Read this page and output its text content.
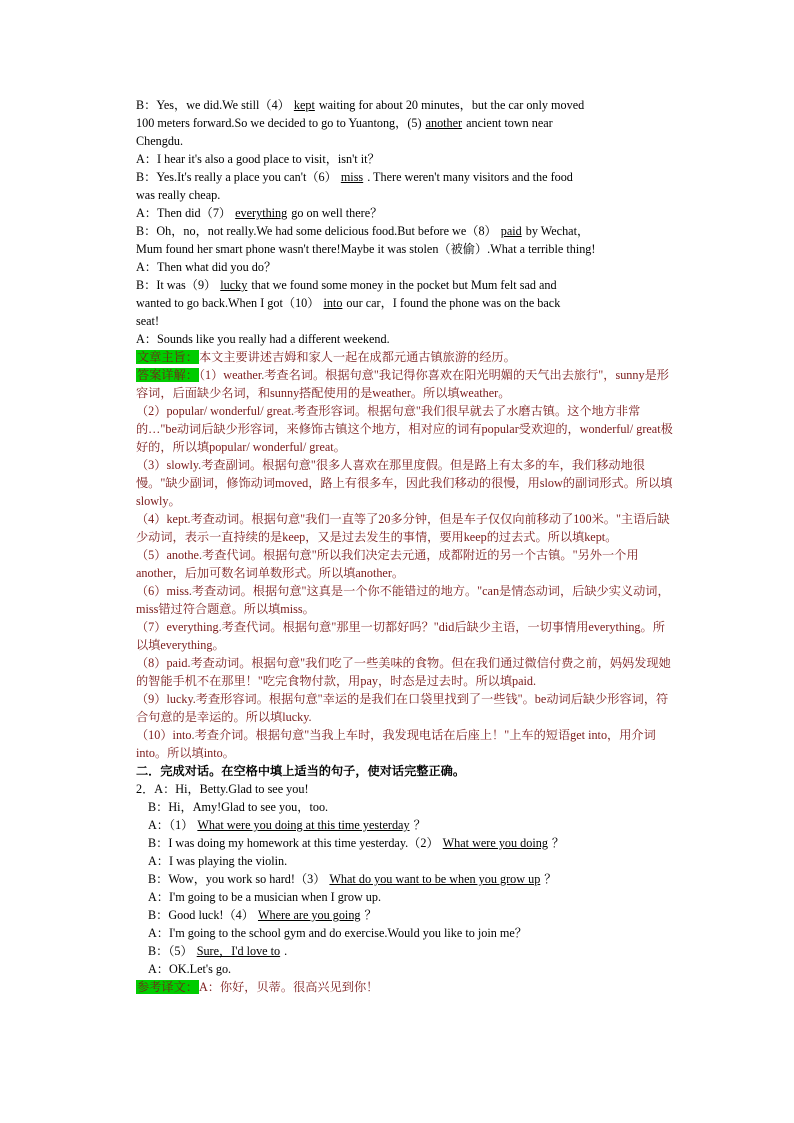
B：Yes，we did.We still（4） kept waiting for about 20 minutes，but the car only moved
100 meters forward.So we decided to go to Yuantong，(5) another ancient town near
Chengdu.
A：I hear it's also a good place to visit，isn't it？
B：Yes.It's really a place you can't（6） miss . There weren't many visitors and the food
was really cheap.
A：Then did（7） everything go on well there？
B：Oh，no，not really.We had some delicious food.But before we（8） paid by Wechat，
Mum found her smart phone wasn't there!Maybe it was stolen（被偷）.What a terrible thing!
A：Then what did you do？
B：It was（9） lucky that we found some money in the pocket but Mum felt sad and
wanted to go back.When I got（10） into our car，I found the phone was on the back
seat!
A：Sounds like you really had a different weekend.
文章主旨：本文主要讲述吉姆和家人一起在成都元通古镇旅游的经历。
答案详解：（1）weather.考查名词。根据句意"我记得你喜欢在阳光明媚的天气出去旅行"，sunny是形容词，后面缺少名词，和sunny搭配使用的是weather。所以填weather。
（2）popular/ wonderful/ great.考查形容词。根据句意"我们很早就去了水磨古镇。这个地方非常的…"be动词后缺少形容词，来修饰古镇这个地方，相对应的词有popular受欢迎的，wonderful/ great极好的，所以填popular/ wonderful/ great。
（3）slowly.考查副词。根据句意"很多人喜欢在那里度假。但是路上有太多的车，我们移动地很慢。"缺少副词，修饰动词moved，路上有很多车，因此我们移动的很慢，用slow的副词形式。所以填slowly。
（4）kept.考查动词。根据句意"我们一直等了20多分钟，但是车子仅仅向前移动了100米。"主语后缺少动词，表示一直持续的是keep，又是过去发生的事情，要用keep的过去式。所以填kept。
（5）anothe.考查代词。根据句意"所以我们决定去元通，成都附近的另一个古镇。"另外一个用another，后加可数名词单数形式。所以填another。
（6）miss.考查动词。根据句意"这真是一个你不能错过的地方。"can是情态动词，后缺少实义动词，miss错过符合题意。所以填miss。
（7）everything.考查代词。根据句意"那里一切都好吗？"did后缺少主语，一切事情用everything。所以填everything。
（8）paid.考查动词。根据句意"我们吃了一些美味的食物。但在我们通过微信付费之前，妈妈发现她的智能手机不在那里！"吃完食物付款，用pay，时态是过去时。所以填paid.
（9）lucky.考查形容词。根据句意"幸运的是我们在口袋里找到了一些钱"。be动词后缺少形容词，符合句意的是幸运的。所以填lucky.
（10）into.考查介词。根据句意"当我上车时，我发现电话在后座上！"上车的短语get into，用介词into。所以填into。
二．完成对话。在空格中填上适当的句子，使对话完整正确。
2．A：Hi，Betty.Glad to see you!
B：Hi，Amy!Glad to see you，too.
A：（1） What were you doing at this time yesterday ？
B：I was doing my homework at this time yesterday.（2） What were you doing ？
A：I was playing the violin.
B：Wow，you work so hard!（3） What do you want to be when you grow up ？
A：I'm going to be a musician when I grow up.
B：Good luck!（4） Where are you going ？
A：I'm going to the school gym and do exercise.Would you like to join me？
B：（5） Sure，I'd love to .
A：OK.Let's go.
参考译文：A：你好，贝蒂。很高兴见到你！
